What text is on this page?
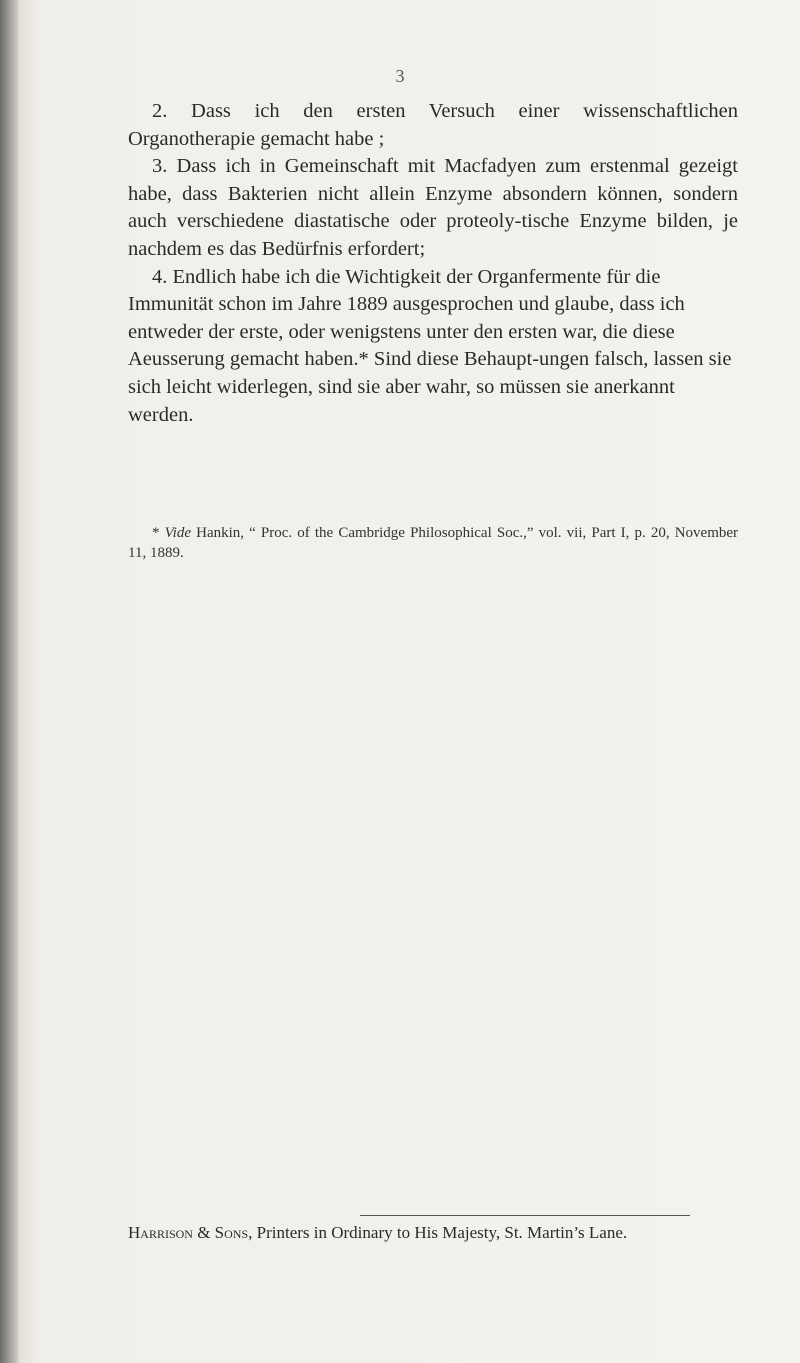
3

2. Dass ich den ersten Versuch einer wissenschaftlichen Organotherapie gemacht habe ;

3. Dass ich in Gemeinschaft mit Macfadyen zum erstenmal gezeigt habe, dass Bakterien nicht allein Enzyme absondern können, sondern auch verschiedene diastatische oder proteoly-tische Enzyme bilden, je nachdem es das Bedürfnis erfordert;

4. Endlich habe ich die Wichtigkeit der Organfermente für die Immunität schon im Jahre 1889 ausgesprochen und glaube, dass ich entweder der erste, oder wenigstens unter den ersten war, die diese Aeusserung gemacht haben.* Sind diese Behaupt-ungen falsch, lassen sie sich leicht widerlegen, sind sie aber wahr, so müssen sie anerkannt werden.

* Vide Hankin, “ Proc. of the Cambridge Philosophical Soc.,” vol. vii, Part I, p. 20, November 11, 1889.
Harrison & Sons, Printers in Ordinary to His Majesty, St. Martin’s Lane.
